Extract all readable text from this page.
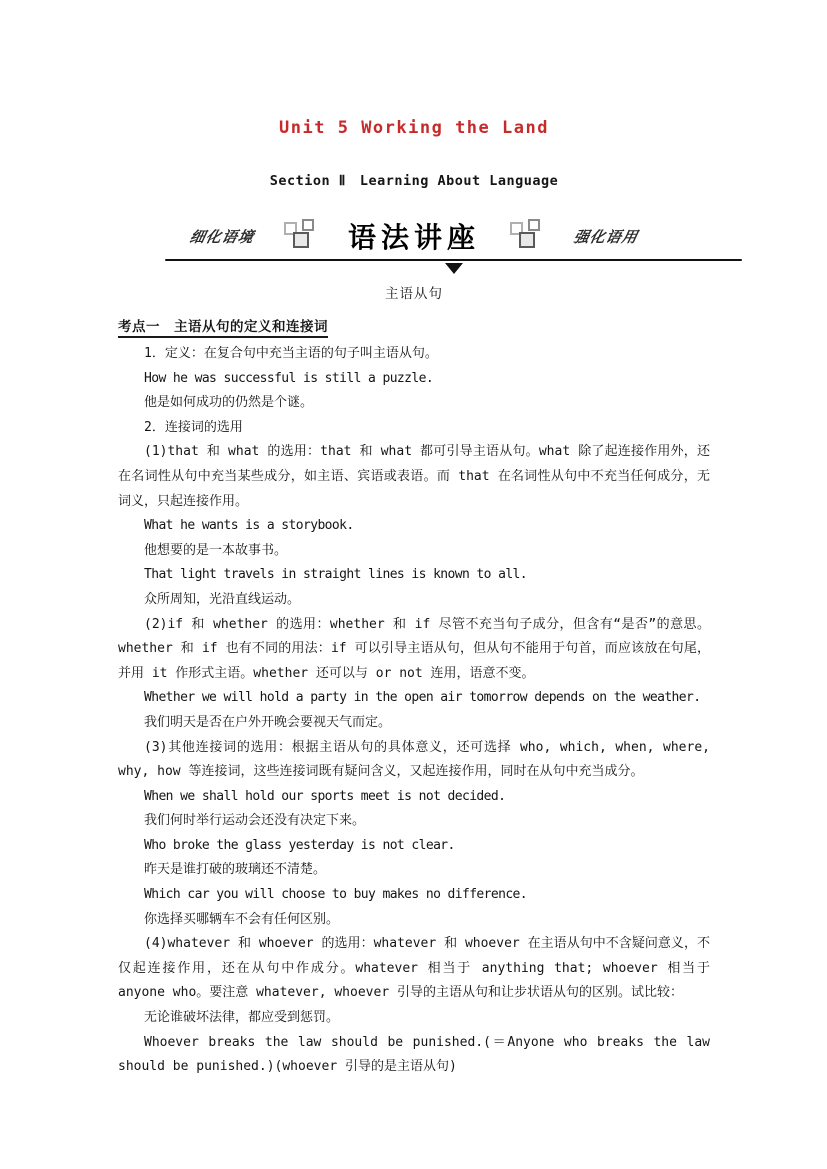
Unit 5 Working the Land
Section Ⅱ　Learning About Language
细化语境	语法讲座	强化语用
主语从句
考点一　主语从句的定义和连接词

1．定义：在复合句中充当主语的句子叫主语从句。

How he was successful is still a puzzle.

他是如何成功的仍然是个谜。

2．连接词的选用

(1)that 和 what 的选用：that 和 what 都可引导主语从句。what 除了起连接作用外，还在名词性从句中充当某些成分，如主语、宾语或表语。而 that 在名词性从句中不充当任何成分，无词义，只起连接作用。

What he wants is a storybook.

他想要的是一本故事书。

That light travels in straight lines is known to all.

众所周知，光沿直线运动。

(2)if 和 whether 的选用：whether 和 if 尽管不充当句子成分，但含有“是否”的意思。whether 和 if 也有不同的用法：if 可以引导主语从句，但从句不能用于句首，而应该放在句尾，并用 it 作形式主语。whether 还可以与 or not 连用，语意不变。

Whether we will hold a party in the open air tomorrow depends on the weather.

我们明天是否在户外开晚会要视天气而定。

(3)其他连接词的选用：根据主语从句的具体意义，还可选择 who, which, when, where, why, how 等连接词，这些连接词既有疑问含义，又起连接作用，同时在从句中充当成分。

When we shall hold our sports meet is not decided.

我们何时举行运动会还没有决定下来。

Who broke the glass yesterday is not clear.

昨天是谁打破的玻璃还不清楚。

Which car you will choose to buy makes no difference.

你选择买哪辆车不会有任何区别。

(4)whatever 和 whoever 的选用：whatever 和 whoever 在主语从句中不含疑问意义，不仅起连接作用，还在从句中作成分。whatever 相当于 anything that; whoever 相当于 anyone who。要注意 whatever, whoever 引导的主语从句和让步状语从句的区别。试比较：

无论谁破坏法律，都应受到惩罚。

Whoever breaks the law should be punished.(＝Anyone who breaks the law should be punished.)(whoever 引导的是主语从句)
